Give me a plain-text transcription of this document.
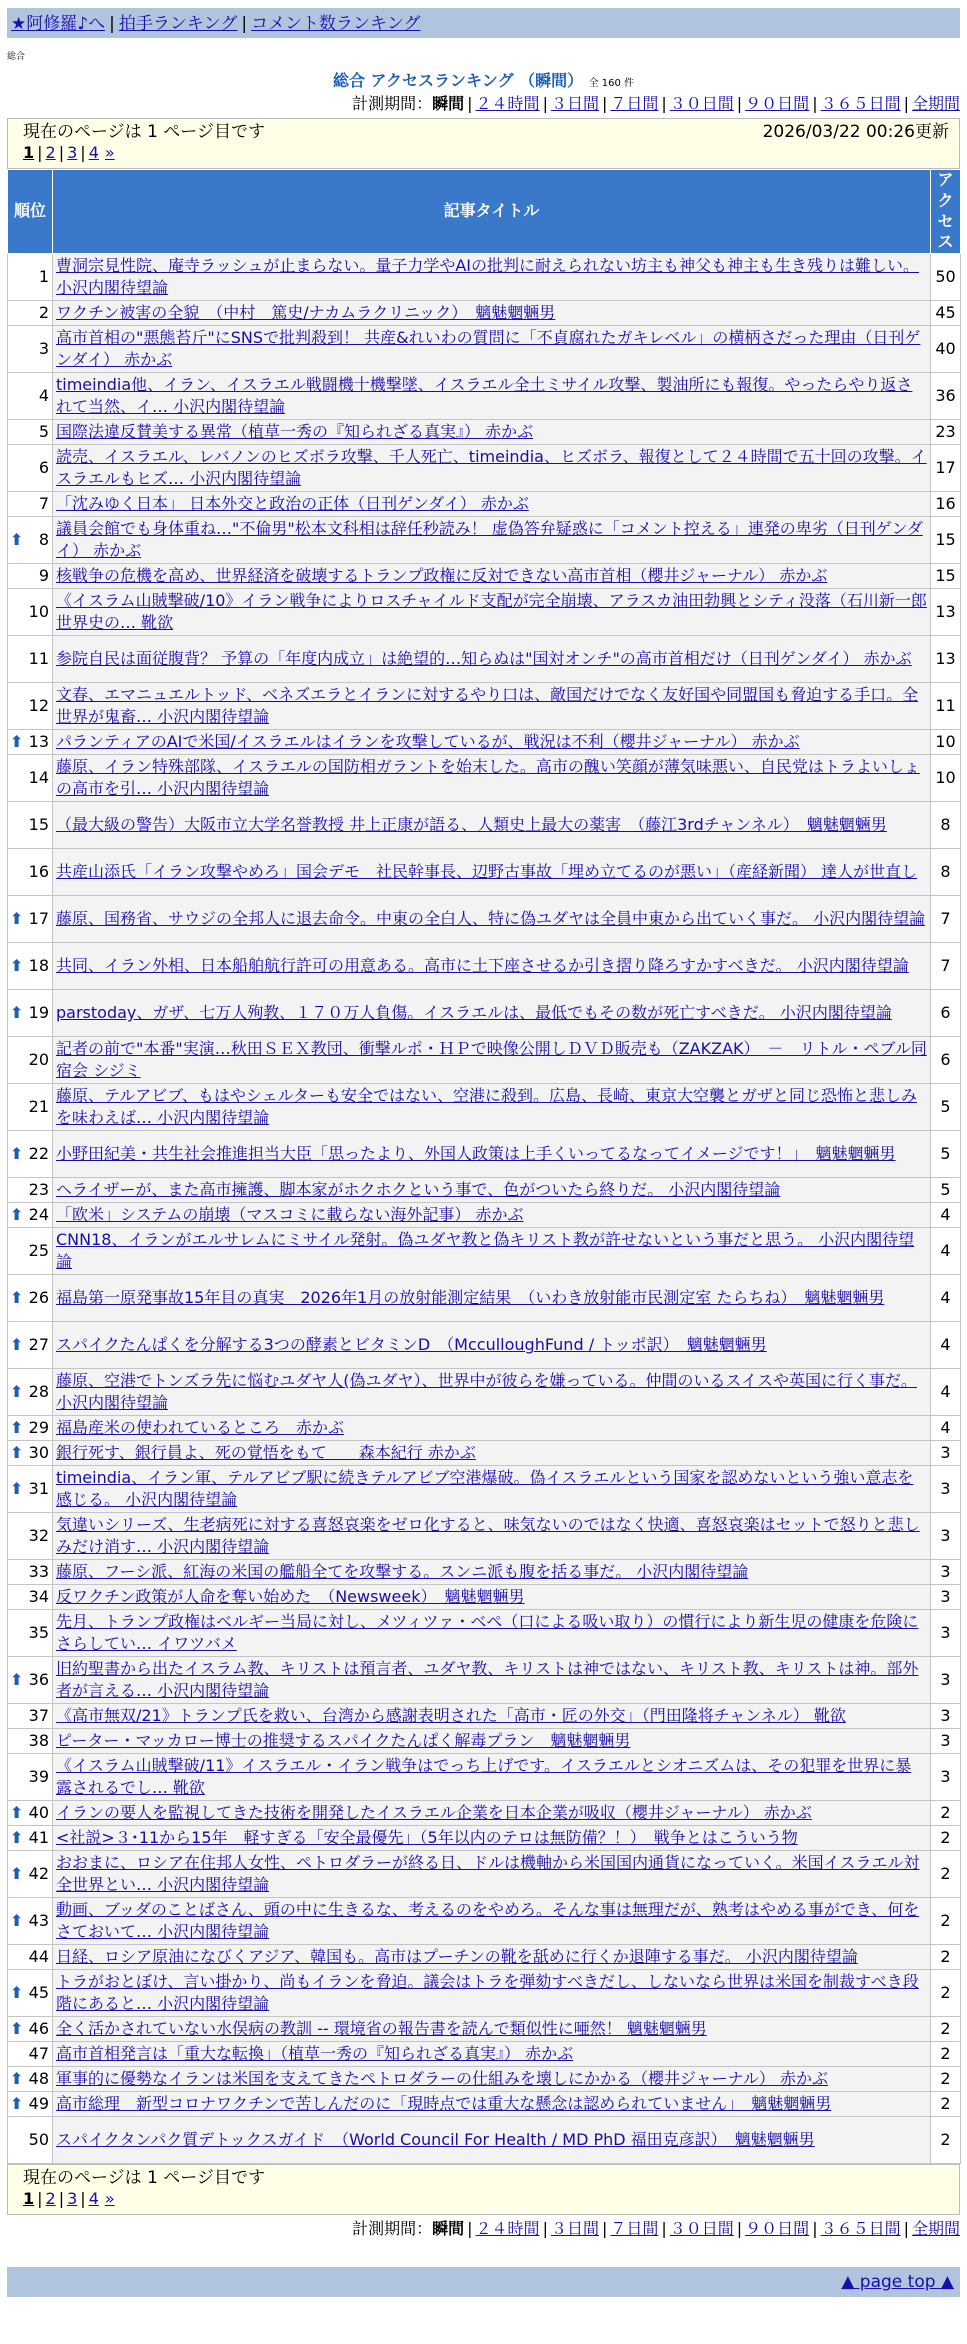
★阿修羅♪へ | 拍手ランキング | コメント数ランキング
総合
総合 アクセスランキング （瞬間） 全 160 件
計測期間：瞬間 | ２４時間 | ３日間 | ７日間 | ３０日間 | ９０日間 | ３６５日間 | 全期間
現在のページは 1 ページ目です	2026/03/22 00:26更新
1 | 2 | 3 | 4 »
順位	記事タイトル	アクセス
1	曹洞宗見性院、庵寺ラッシュが止まらない。量子力学やAIの批判に耐えられない坊主も神父も神主も生き残りは難しい。 小沢内閣待望論	50
2	ワクチン被害の全貌　（中村　篤史/ナカムラクリニック）　魑魅魍魎男	45
3	高市首相の"悪態苔斤"にSNSで批判殺到！ 共産&れいわの質問に「不貞腐れたガキレベル」の横柄さだった理由（日刊ゲンダイ） 赤かぶ	40
4	timeindia他、イラン、イスラエル戦闘機十機撃墜、イスラエル全土ミサイル攻撃、製油所にも報復。やったらやり返されて当然、イ… 小沢内閣待望論	36
5	国際法違反賛美する異常（植草一秀の『知られざる真実』） 赤かぶ	23
6	読売、イスラエル、レバノンのヒズボラ攻撃、千人死亡、timeindia、ヒズボラ、報復として２４時間で五十回の攻撃。イスラエルもヒズ… 小沢内閣待望論	17
7	「沈みゆく日本」 日本外交と政治の正体（日刊ゲンダイ） 赤かぶ	16

⬆ 8	議員会館でも身体重ね…"不倫男"松本文科相は辞任秒読み！ 虚偽答弁疑惑に「コメント控える」連発の卑劣（日刊ゲンダイ） 赤かぶ	15
9	核戦争の危機を高め、世界経済を破壊するトランプ政権に反対できない高市首相（櫻井ジャーナル） 赤かぶ	15
10	《イスラム山賊撃破/10》イラン戦争によりロスチャイルド支配が完全崩壊、アラスカ油田勃興とシティ没落（石川新一郎世界史の… 靴欲	13
11	参院自民は面従腹背？ 予算の「年度内成立」は絶望的…知らぬは"国対オンチ"の高市首相だけ（日刊ゲンダイ） 赤かぶ	13
12	文春、エマニュエルトッド、ベネズエラとイランに対するやり口は、敵国だけでなく友好国や同盟国も脅迫する手口。全世界が鬼畜… 小沢内閣待望論	11

⬆ 13	パランティアのAIで米国/イスラエルはイランを攻撃しているが、戦況は不利（櫻井ジャーナル） 赤かぶ	10
14	藤原、イラン特殊部隊、イスラエルの国防相ガラントを始末した。高市の醜い笑顔が薄気味悪い、自民党はトラよいしょの高市を引… 小沢内閣待望論	10
15	（最大級の警告）大阪市立大学名誉教授 井上正康が語る、人類史上最大の薬害　（藤江3rdチャンネル）　魑魅魍魎男	8
16	共産山添氏「イラン攻撃やめろ」国会デモ　社民幹事長、辺野古事故「埋め立てるのが悪い」（産経新聞） 達人が世直し	8

⬆ 17	藤原、国務省、サウジの全邦人に退去命令。中東の全白人、特に偽ユダヤは全員中東から出ていく事だ。 小沢内閣待望論	7

⬆ 18	共同、イラン外相、日本船舶航行許可の用意ある。高市に土下座させるか引き摺り降ろすかすべきだ。 小沢内閣待望論	7

⬆ 19	parstoday、ガザ、七万人殉教、１７０万人負傷。イスラエルは、最低でもその数が死亡すべきだ。 小沢内閣待望論	6
20	記者の前で"本番"実演…秋田ＳＥＸ教団、衝撃ルポ・ＨＰで映像公開しＤＶＤ販売も（ZAKZAK）　－　リトル・ペブル同宿会 シジミ	6
21	藤原、テルアビブ、もはやシェルターも安全ではない、空港に殺到。広島、長崎、東京大空襲とガザと同じ恐怖と悲しみを味わえば… 小沢内閣待望論	5

⬆ 22	小野田紀美・共生社会推進担当大臣「思ったより、外国人政策は上手くいってるなってイメージです！」　魑魅魍魎男	5
23	ヘライザーが、また高市擁護、脚本家がホクホクという事で、色がついたら終りだ。 小沢内閣待望論	5

⬆ 24	「欧米」システムの崩壊（マスコミに載らない海外記事） 赤かぶ	4
25	CNN18、イランがエルサレムにミサイル発射。偽ユダヤ教と偽キリスト教が許せないという事だと思う。 小沢内閣待望論	4

⬆ 26	福島第一原発事故15年目の真実　2026年1月の放射能測定結果　（いわき放射能市民測定室 たらちね）　魑魅魍魎男	4

⬆ 27	スパイクたんぱくを分解する3つの酵素とビタミンD　（McculloughFund / トッポ訳）　魑魅魍魎男	4

⬆ 28	藤原、空港でトンズラ先に悩むユダヤ人(偽ユダヤ）、世界中が彼らを嫌っている。仲間のいるスイスや英国に行く事だ。 小沢内閣待望論	4

⬆ 29	福島産米の使われているところ　赤かぶ	4

⬆ 30	銀行死す、銀行員よ、死の覚悟をもて　　森本紀行 赤かぶ	3

⬆ 31	timeindia、イラン軍、テルアビブ駅に続きテルアビブ空港爆破。偽イスラエルという国家を認めないという強い意志を感じる。 小沢内閣待望論	3
32	気違いシリーズ、生老病死に対する喜怒哀楽をゼロ化すると、味気ないのではなく快適、喜怒哀楽はセットで怒りと悲しみだけ消す… 小沢内閣待望論	3
33	藤原、フーシ派、紅海の米国の艦船全てを攻撃する。スンニ派も腹を括る事だ。 小沢内閣待望論	3
34	反ワクチン政策が人命を奪い始めた　（Newsweek）　魑魅魍魎男	3
35	先月、トランプ政権はベルギー当局に対し、メツィツァ・ベペ（口による吸い取り）の慣行により新生児の健康を危険にさらしてい… イワツバメ	3

⬆ 36	旧約聖書から出たイスラム教、キリストは預言者、ユダヤ教、キリストは神ではない、キリスト教、キリストは神。部外者が言える… 小沢内閣待望論	3
37	《高市無双/21》トランプ氏を救い、台湾から感謝表明された「高市・匠の外交」（門田隆将チャンネル） 靴欲	3
38	ピーター・マッカロー博士の推奨するスパイクたんぱく解毒プラン　魑魅魍魎男	3
39	《イスラム山賊撃破/11》イスラエル・イラン戦争はでっち上げです。イスラエルとシオニズムは、その犯罪を世界に暴露されるでし… 靴欲	3

⬆ 40	イランの要人を監視してきた技術を開発したイスラエル企業を日本企業が吸収（櫻井ジャーナル） 赤かぶ	2

⬆ 41	<社説>３･11から15年　軽すぎる「安全最優先」（5年以内のテロは無防備？！）　戦争とはこういう物	2

⬆ 42	おおまに、ロシア在住邦人女性、ペトロダラーが終る日、ドルは機軸から米国国内通貨になっていく。米国イスラエル対全世界とい… 小沢内閣待望論	2

⬆ 43	動画、ブッダのことばさん、頭の中に生きるな、考えるのをやめろ。そんな事は無理だが、熟考はやめる事ができ、何をさておいて… 小沢内閣待望論	2
44	日経、ロシア原油になびくアジア、韓国も。高市はプーチンの靴を舐めに行くか退陣する事だ。 小沢内閣待望論	2

⬆ 45	トラがおとぼけ、言い掛かり、尚もイランを脅迫。議会はトラを弾劾すべきだし、しないなら世界は米国を制裁すべき段階にあると… 小沢内閣待望論	2

⬆ 46	全く活かされていない水俣病の教訓 -- 環境省の報告書を読んで類似性に唖然！ 魑魅魍魎男	2
47	高市首相発言は「重大な転換」（植草一秀の『知られざる真実』） 赤かぶ	2

⬆ 48	軍事的に優勢なイランは米国を支えてきたペトロダラーの仕組みを壊しにかかる（櫻井ジャーナル） 赤かぶ	2

⬆ 49	高市総理　新型コロナワクチンで苦しんだのに「現時点では重大な懸念は認められていません」　魑魅魍魎男	2
50	スパイクタンパク質デトックスガイド　（World Council For Health / MD PhD 福田克彦訳）　魑魅魍魎男	2
現在のページは 1 ページ目です
1 | 2 | 3 | 4 »
計測期間：瞬間 | ２４時間 | ３日間 | ７日間 | ３０日間 | ９０日間 | ３６５日間 | 全期間
▲ page top ▲
